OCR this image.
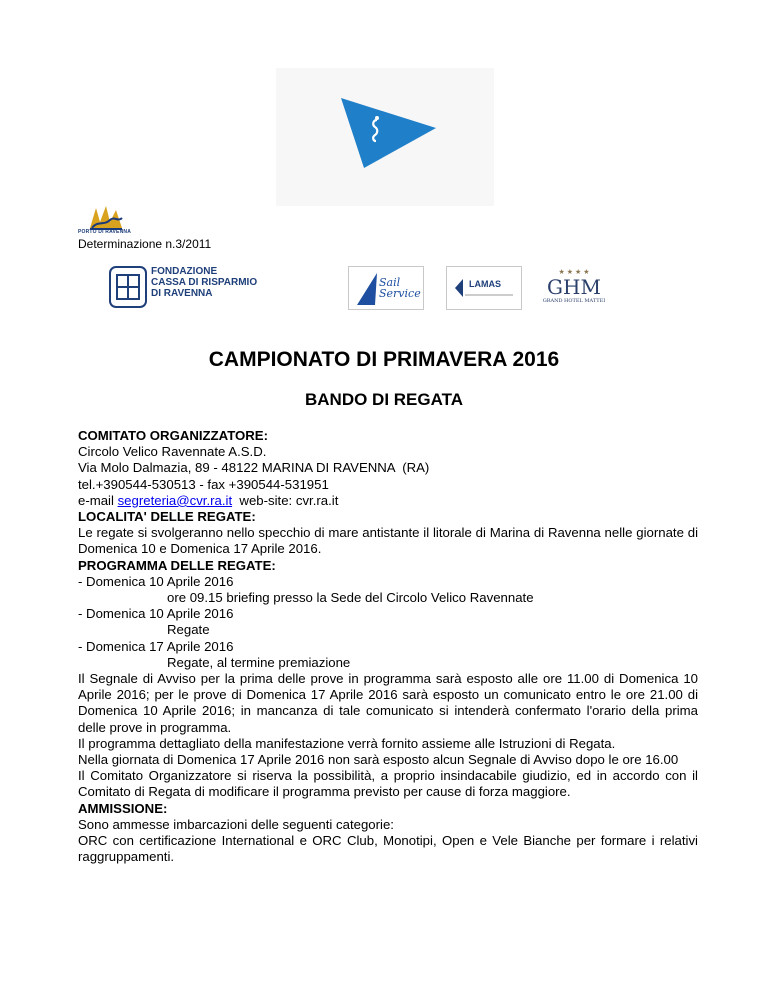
PORTO DI RAVENNA
Determinazione n.3/2011
FONDAZIONE
CASSA DI RISPARMIO
DI RAVENNA
Sail
Service
LAMAS
★ ★ ★ ★
GHM
GRAND HOTEL MATTEI
CAMPIONATO DI PRIMAVERA 2016
BANDO DI REGATA

COMITATO ORGANIZZATORE:

Circolo Velico Ravennate A.S.D.

Via Molo Dalmazia, 89 - 48122 MARINA DI RAVENNA  (RA)

tel.+390544-530513 - fax +390544-531951

e-mail segreteria@cvr.ra.it  web-site: cvr.ra.it

LOCALITA' DELLE REGATE:

Le regate si svolgeranno nello specchio di mare antistante il litorale di Marina di Ravenna nelle giornate di Domenica 10 e Domenica 17 Aprile 2016.

PROGRAMMA DELLE REGATE:

- Domenica 10 Aprile 2016

ore 09.15 briefing presso la Sede del Circolo Velico Ravennate

- Domenica 10 Aprile 2016

Regate

- Domenica 17 Aprile 2016

Regate, al termine premiazione

Il Segnale di Avviso per la prima delle prove in programma sarà esposto alle ore 11.00 di Domenica 10 Aprile 2016; per le prove di Domenica 17 Aprile 2016 sarà esposto un comunicato entro le ore 21.00 di Domenica 10 Aprile 2016; in mancanza di tale comunicato si intenderà confermato l'orario della prima delle prove in programma.

Il programma dettagliato della manifestazione verrà fornito assieme alle Istruzioni di Regata.

Nella giornata di Domenica 17 Aprile 2016 non sarà esposto alcun Segnale di Avviso dopo le ore 16.00

Il Comitato Organizzatore si riserva la possibilità, a proprio insindacabile giudizio, ed in accordo con il Comitato di Regata di modificare il programma previsto per cause di forza maggiore.

AMMISSIONE:

Sono ammesse imbarcazioni delle seguenti categorie:

ORC con certificazione International e ORC Club, Monotipi, Open e Vele Bianche per formare i relativi raggruppamenti.
